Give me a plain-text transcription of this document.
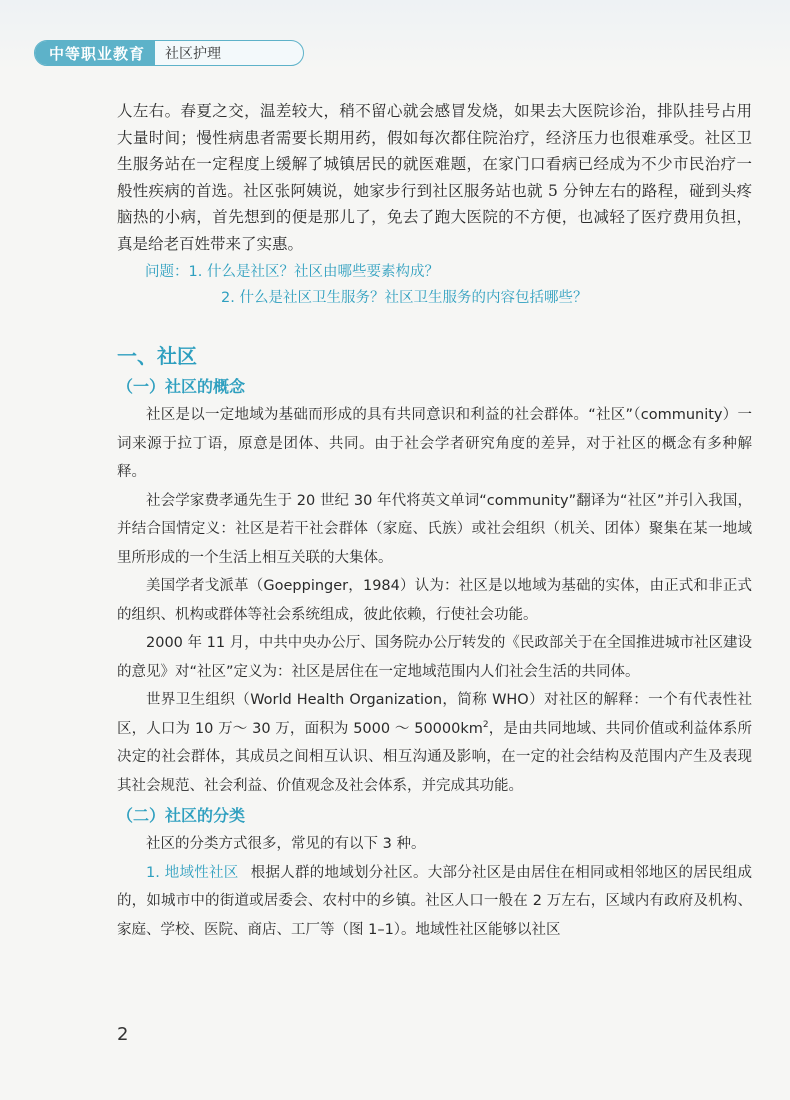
中等职业教育	社区护理

人左右。春夏之交，温差较大，稍不留心就会感冒发烧，如果去大医院诊治，排队挂号占用大量时间；慢性病患者需要长期用药，假如每次都住院治疗，经济压力也很难承受。社区卫生服务站在一定程度上缓解了城镇居民的就医难题，在家门口看病已经成为不少市民治疗一般性疾病的首选。社区张阿姨说，她家步行到社区服务站也就 5 分钟左右的路程，碰到头疼脑热的小病，首先想到的便是那儿了，免去了跑大医院的不方便，也减轻了医疗费用负担，真是给老百姓带来了实惠。

问题：1. 什么是社区？社区由哪些要素构成？
2. 什么是社区卫生服务？社区卫生服务的内容包括哪些？
一、社区
（一）社区的概念

社区是以一定地域为基础而形成的具有共同意识和利益的社会群体。“社区”（community）一词来源于拉丁语，原意是团体、共同。由于社会学者研究角度的差异，对于社区的概念有多种解释。

社会学家费孝通先生于 20 世纪 30 年代将英文单词“community”翻译为“社区”并引入我国，并结合国情定义：社区是若干社会群体（家庭、氏族）或社会组织（机关、团体）聚集在某一地域里所形成的一个生活上相互关联的大集体。

美国学者戈派革（Goeppinger，1984）认为：社区是以地域为基础的实体，由正式和非正式的组织、机构或群体等社会系统组成，彼此依赖，行使社会功能。

2000 年 11 月，中共中央办公厅、国务院办公厅转发的《民政部关于在全国推进城市社区建设的意见》对“社区”定义为：社区是居住在一定地域范围内人们社会生活的共同体。

世界卫生组织（World Health Organization，简称 WHO）对社区的解释：一个有代表性社区，人口为 10 万～ 30 万，面积为 5000 ～ $50000km^2$，是由共同地域、共同价值或利益体系所决定的社会群体，其成员之间相互认识、相互沟通及影响，在一定的社会结构及范围内产生及表现其社会规范、社会利益、价值观念及社会体系，并完成其功能。

（二）社区的分类

社区的分类方式很多，常见的有以下 3 种。

1. 地域性社区 根据人群的地域划分社区。大部分社区是由居住在相同或相邻地区的居民组成的，如城市中的街道或居委会、农村中的乡镇。社区人口一般在 2 万左右，区域内有政府及机构、家庭、学校、医院、商店、工厂等（图 1–1）。地域性社区能够以社区

2
